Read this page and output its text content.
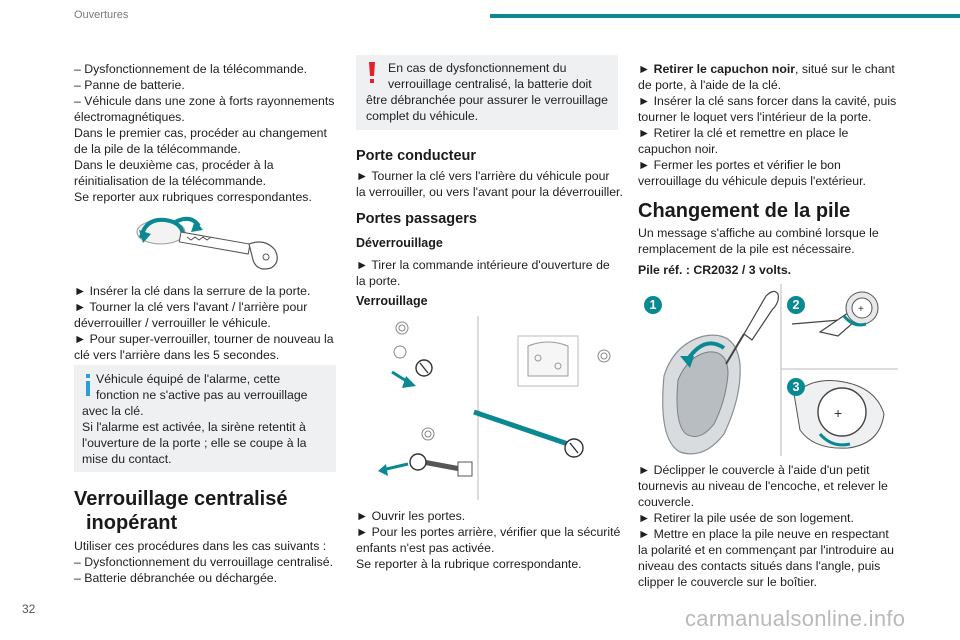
Ouvertures
32
– Dysfonctionnement de la télécommande.
– Panne de batterie.
– Véhicule dans une zone à forts rayonnements
électromagnétiques.
Dans le premier cas, procéder au changement
de la pile de la télécommande.
Dans le deuxième cas, procéder à la
réinitialisation de la télécommande.
Se reporter aux rubriques correspondantes.
► Insérer la clé dans la serrure de la porte.
► Tourner la clé vers l'avant / l'arrière pour
déverrouiller / verrouiller le véhicule.
► Pour super-verrouiller, tourner de nouveau la
clé vers l'arrière dans les 5 secondes.
Véhicule équipé de l'alarme, cette
fonction ne s'active pas au verrouillage
avec la clé.
Si l'alarme est activée, la sirène retentit à
l'ouverture de la porte ; elle se coupe à la
mise du contact.
Verrouillage centralisé
inopérant
Utiliser ces procédures dans les cas suivants :
– Dysfonctionnement du verrouillage centralisé.
– Batterie débranchée ou déchargée.
En cas de dysfonctionnement du
verrouillage centralisé, la batterie doit
être débranchée pour assurer le verrouillage
complet du véhicule.
Porte conducteur
► Tourner la clé vers l'arrière du véhicule pour
la verrouiller, ou vers l'avant pour la déverrouiller.
Portes passagers
Déverrouillage
► Tirer la commande intérieure d'ouverture de
la porte.
Verrouillage
► Ouvrir les portes.
► Pour les portes arrière, vérifier que la sécurité
enfants n'est pas activée.
Se reporter à la rubrique correspondante.
► Retirer le capuchon noir, situé sur le chant
de porte, à l'aide de la clé.
► Insérer la clé sans forcer dans la cavité, puis
tourner le loquet vers l'intérieur de la porte.
► Retirer la clé et remettre en place le
capuchon noir.
► Fermer les portes et vérifier le bon
verrouillage du véhicule depuis l'extérieur.
Changement de la pile
Un message s'affiche au combiné lorsque le
remplacement de la pile est nécessaire.
Pile réf. : CR2032 / 3 volts.
+
+
1	2
3
► Déclipper le couvercle à l'aide d'un petit
tournevis au niveau de l'encoche, et relever le
couvercle.
► Retirer la pile usée de son logement.
► Mettre en place la pile neuve en respectant
la polarité et en commençant par l'introduire au
niveau des contacts situés dans l'angle, puis
clipper le couvercle sur le boîtier.
carmanualsonline.info
